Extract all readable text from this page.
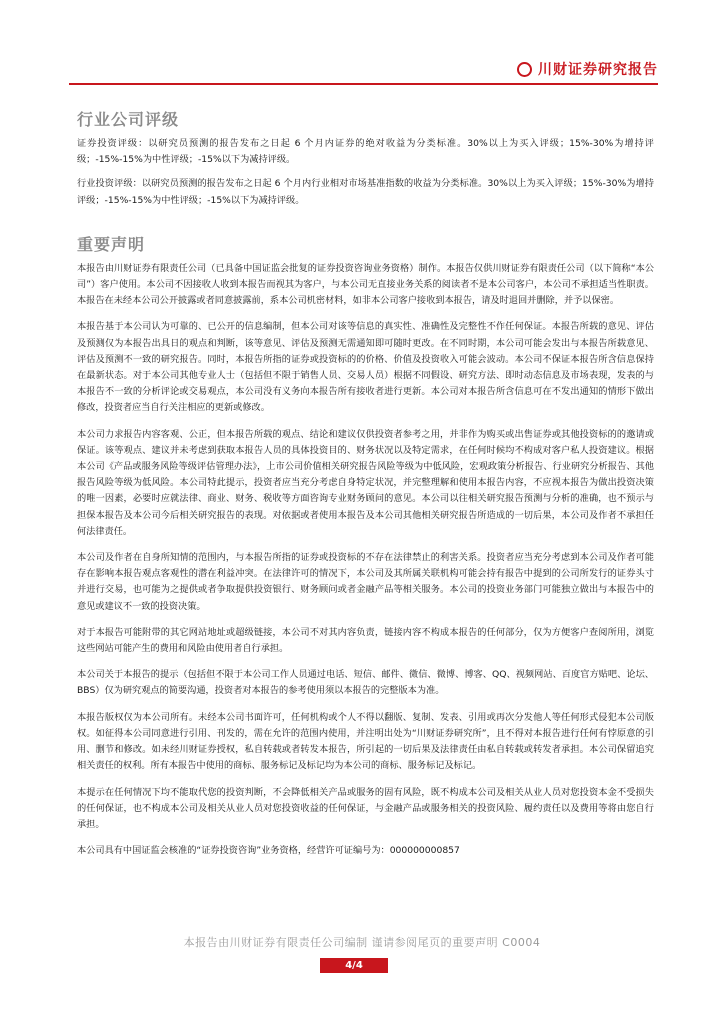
川财证券研究报告
行业公司评级

证券投资评级：以研究员预测的报告发布之日起 6 个月内证券的绝对收益为分类标准。30%以上为买入评级；15%-30%为增持评级；-15%-15%为中性评级；-15%以下为减持评级。

行业投资评级：以研究员预测的报告发布之日起 6 个月内行业相对市场基准指数的收益为分类标准。30%以上为买入评级；15%-30%为增持评级；-15%-15%为中性评级；-15%以下为减持评级。

重要声明

本报告由川财证券有限责任公司（已具备中国证监会批复的证券投资咨询业务资格）制作。本报告仅供川财证券有限责任公司（以下简称“本公司”）客户使用。本公司不因接收人收到本报告而视其为客户，与本公司无直接业务关系的阅读者不是本公司客户，本公司不承担适当性职责。本报告在未经本公司公开披露或者同意披露前，系本公司机密材料，如非本公司客户接收到本报告，请及时退回并删除，并予以保密。

本报告基于本公司认为可靠的、已公开的信息编制，但本公司对该等信息的真实性、准确性及完整性不作任何保证。本报告所载的意见、评估及预测仅为本报告出具日的观点和判断，该等意见、评估及预测无需通知即可随时更改。在不同时期，本公司可能会发出与本报告所载意见、评估及预测不一致的研究报告。同时，本报告所指的证券或投资标的的价格、价值及投资收入可能会波动。本公司不保证本报告所含信息保持在最新状态。对于本公司其他专业人士（包括但不限于销售人员、交易人员）根据不同假设、研究方法、即时动态信息及市场表现，发表的与本报告不一致的分析评论或交易观点，本公司没有义务向本报告所有接收者进行更新。本公司对本报告所含信息可在不发出通知的情形下做出修改，投资者应当自行关注相应的更新或修改。

本公司力求报告内容客观、公正，但本报告所载的观点、结论和建议仅供投资者参考之用，并非作为购买或出售证券或其他投资标的的邀请或保证。该等观点、建议并未考虑到获取本报告人员的具体投资目的、财务状况以及特定需求，在任何时候均不构成对客户私人投资建议。根据本公司《产品或服务风险等级评估管理办法》，上市公司价值相关研究报告风险等级为中低风险，宏观政策分析报告、行业研究分析报告、其他报告风险等级为低风险。本公司特此提示，投资者应当充分考虑自身特定状况，并完整理解和使用本报告内容，不应视本报告为做出投资决策的唯一因素，必要时应就法律、商业、财务、税收等方面咨询专业财务顾问的意见。本公司以往相关研究报告预测与分析的准确，也不预示与担保本报告及本公司今后相关研究报告的表现。对依据或者使用本报告及本公司其他相关研究报告所造成的一切后果，本公司及作者不承担任何法律责任。

本公司及作者在自身所知情的范围内，与本报告所指的证券或投资标的不存在法律禁止的利害关系。投资者应当充分考虑到本公司及作者可能存在影响本报告观点客观性的潜在利益冲突。在法律许可的情况下，本公司及其所属关联机构可能会持有报告中提到的公司所发行的证券头寸并进行交易，也可能为之提供或者争取提供投资银行、财务顾问或者金融产品等相关服务。本公司的投资业务部门可能独立做出与本报告中的意见或建议不一致的投资决策。

对于本报告可能附带的其它网站地址或超级链接，本公司不对其内容负责，链接内容不构成本报告的任何部分，仅为方便客户查阅所用，浏览这些网站可能产生的费用和风险由使用者自行承担。

本公司关于本报告的提示（包括但不限于本公司工作人员通过电话、短信、邮件、微信、微博、博客、QQ、视频网站、百度官方贴吧、论坛、BBS）仅为研究观点的简要沟通，投资者对本报告的参考使用须以本报告的完整版本为准。

本报告版权仅为本公司所有。未经本公司书面许可，任何机构或个人不得以翻版、复制、发表、引用或再次分发他人等任何形式侵犯本公司版权。如征得本公司同意进行引用、刊发的，需在允许的范围内使用，并注明出处为“川财证券研究所”，且不得对本报告进行任何有悖原意的引用、删节和修改。如未经川财证券授权，私自转载或者转发本报告，所引起的一切后果及法律责任由私自转载或转发者承担。本公司保留追究相关责任的权利。所有本报告中使用的商标、服务标记及标记均为本公司的商标、服务标记及标记。

本提示在任何情况下均不能取代您的投资判断，不会降低相关产品或服务的固有风险，既不构成本公司及相关从业人员对您投资本金不受损失的任何保证，也不构成本公司及相关从业人员对您投资收益的任何保证，与金融产品或服务相关的投资风险、履约责任以及费用等将由您自行承担。

本公司具有中国证监会核准的“证券投资咨询”业务资格，经营许可证编号为：000000000857

本报告由川财证券有限责任公司编制 谨请参阅尾页的重要声明 C0004
4/4
